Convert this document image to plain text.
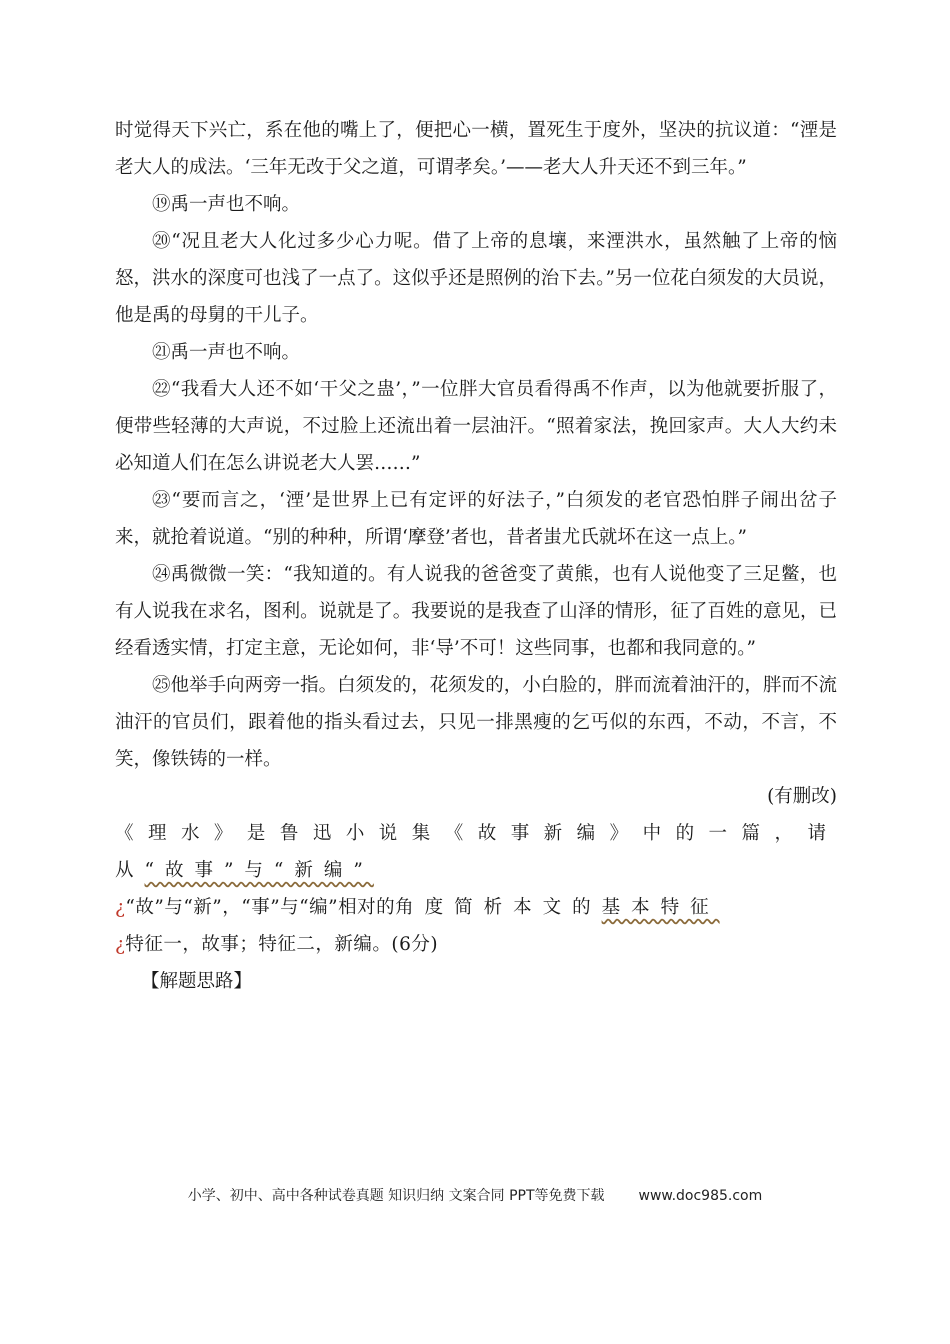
时觉得天下兴亡，系在他的嘴上了，便把心一横，置死生于度外，坚决的抗议道：“湮是老大人的成法。‘三年无改于父之道，可谓孝矣。’——老大人升天还不到三年。”

⑲禹一声也不响。

⑳“况且老大人化过多少心力呢。借了上帝的息壤，来湮洪水，虽然触了上帝的恼怒，洪水的深度可也浅了一点了。这似乎还是照例的治下去。”另一位花白须发的大员说，他是禹的母舅的干儿子。

㉑禹一声也不响。

㉒“我看大人还不如‘干父之蛊’，”一位胖大官员看得禹不作声，以为他就要折服了，便带些轻薄的大声说，不过脸上还流出着一层油汗。“照着家法，挽回家声。大人大约未必知道人们在怎么讲说老大人罢……”

㉓“要而言之，‘湮’是世界上已有定评的好法子，”白须发的老官恐怕胖子闹出岔子来，就抢着说道。“别的种种，所谓‘摩登’者也，昔者蚩尤氏就坏在这一点上。”

㉔禹微微一笑：“我知道的。有人说我的爸爸变了黄熊，也有人说他变了三足鳖，也有人说我在求名，图利。说就是了。我要说的是我查了山泽的情形，征了百姓的意见，已经看透实情，打定主意，无论如何，非‘导’不可！这些同事，也都和我同意的。”

㉕他举手向两旁一指。白须发的，花须发的，小白脸的，胖而流着油汗的，胖而不流油汗的官员们，跟着他的指头看过去，只见一排黑瘦的乞丐似的东西，不动，不言，不笑，像铁铸的一样。

(有删改)

《理水》是鲁迅小说集《故事新编》中的一篇，请从“故事”与“新编”
¿“故”与“新”，“事”与“编”相对的角度简析本文的基本特征
¿特征一，故事；特征二，新编。(6分)

【解题思路】

小学、初中、高中各种试卷真题 知识归纳 文案合同 PPT等免费下载 www.doc985.com
